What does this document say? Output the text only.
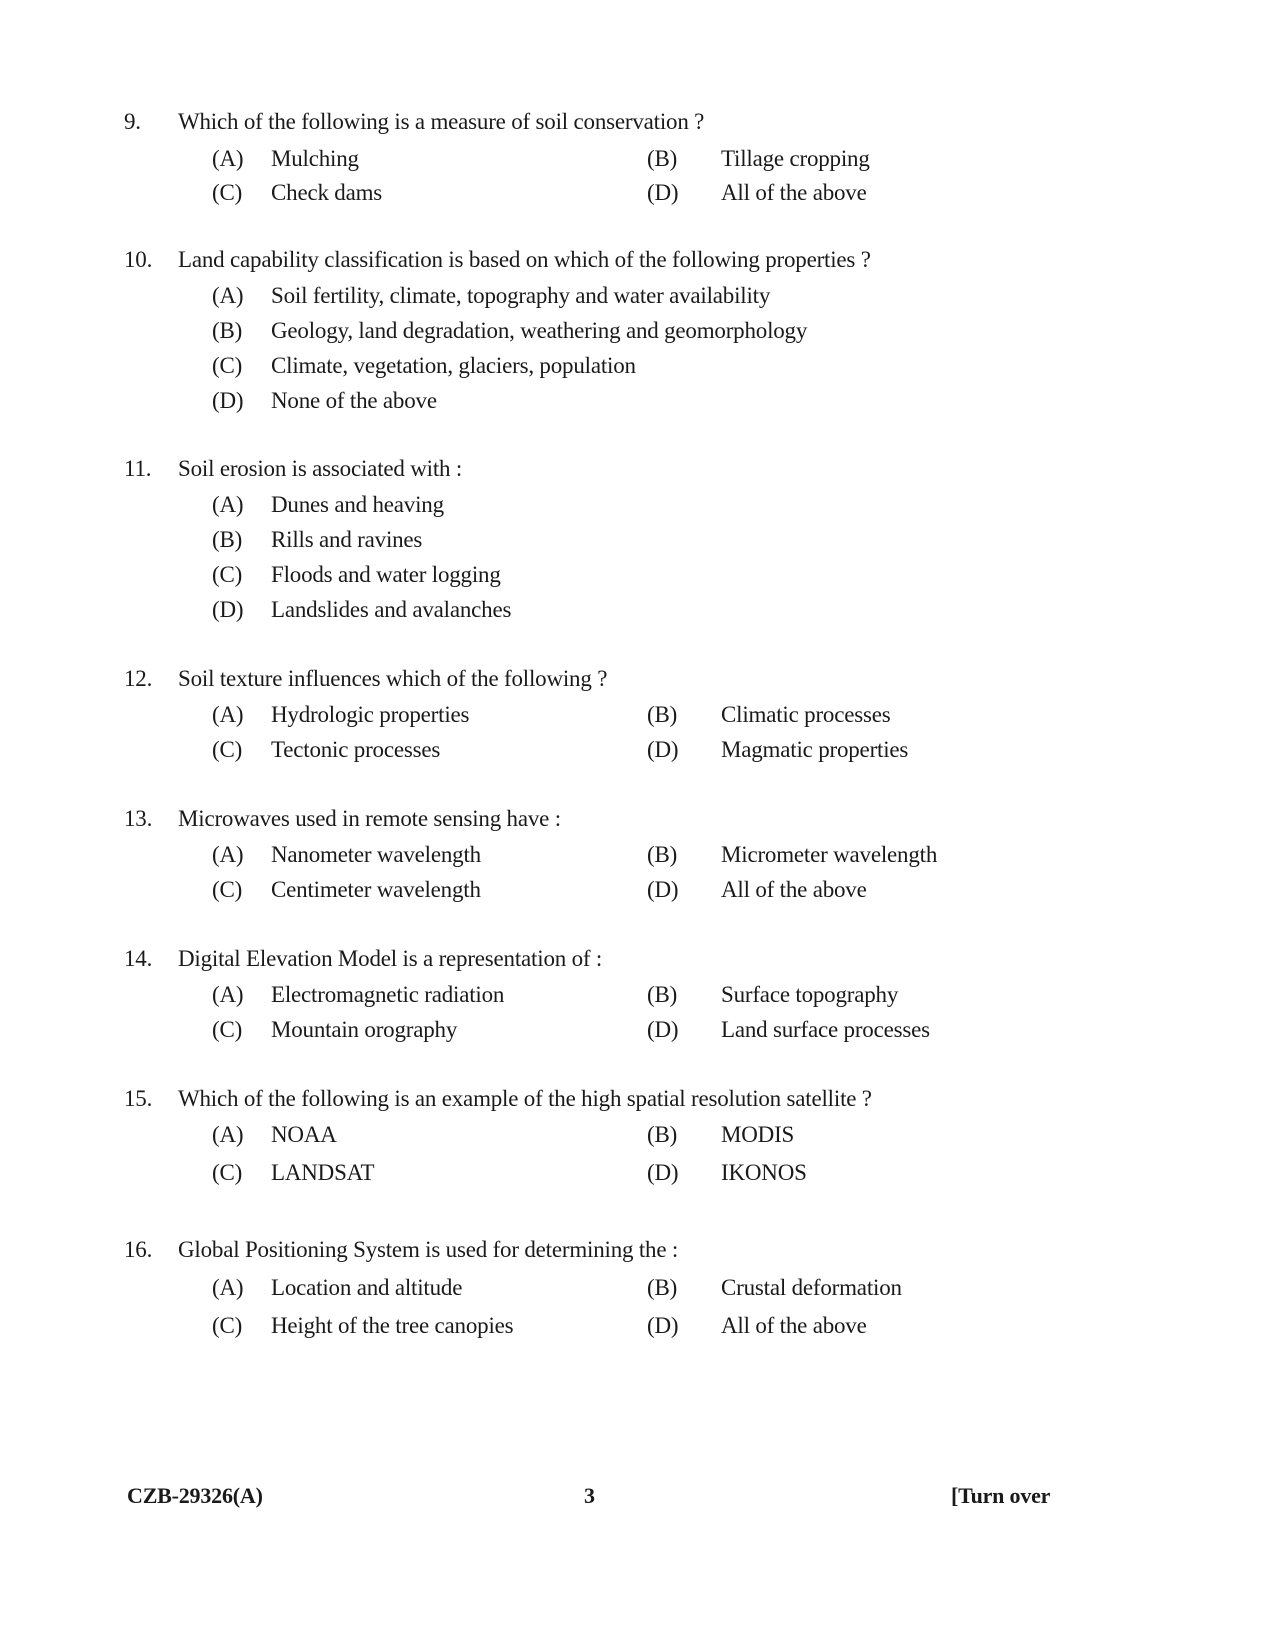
9. Which of the following is a measure of soil conservation ?
(A) Mulching	(B) Tillage cropping
(C) Check dams	(D) All of the above
10. Land capability classification is based on which of the following properties ?
(A) Soil fertility, climate, topography and water availability
(B) Geology, land degradation, weathering and geomorphology
(C) Climate, vegetation, glaciers, population
(D) None of the above
11. Soil erosion is associated with :
(A) Dunes and heaving
(B) Rills and ravines
(C) Floods and water logging
(D) Landslides and avalanches
12. Soil texture influences which of the following ?
(A) Hydrologic properties	(B) Climatic processes
(C) Tectonic processes	(D) Magmatic properties
13. Microwaves used in remote sensing have :
(A) Nanometer wavelength	(B) Micrometer wavelength
(C) Centimeter wavelength	(D) All of the above
14. Digital Elevation Model is a representation of :
(A) Electromagnetic radiation	(B) Surface topography
(C) Mountain orography	(D) Land surface processes
15. Which of the following is an example of the high spatial resolution satellite ?
(A) NOAA	(B) MODIS
(C) LANDSAT	(D) IKONOS
16. Global Positioning System is used for determining the :
(A) Location and altitude	(B) Crustal deformation
(C) Height of the tree canopies	(D) All of the above
CZB-29326(A)	3	[Turn over
